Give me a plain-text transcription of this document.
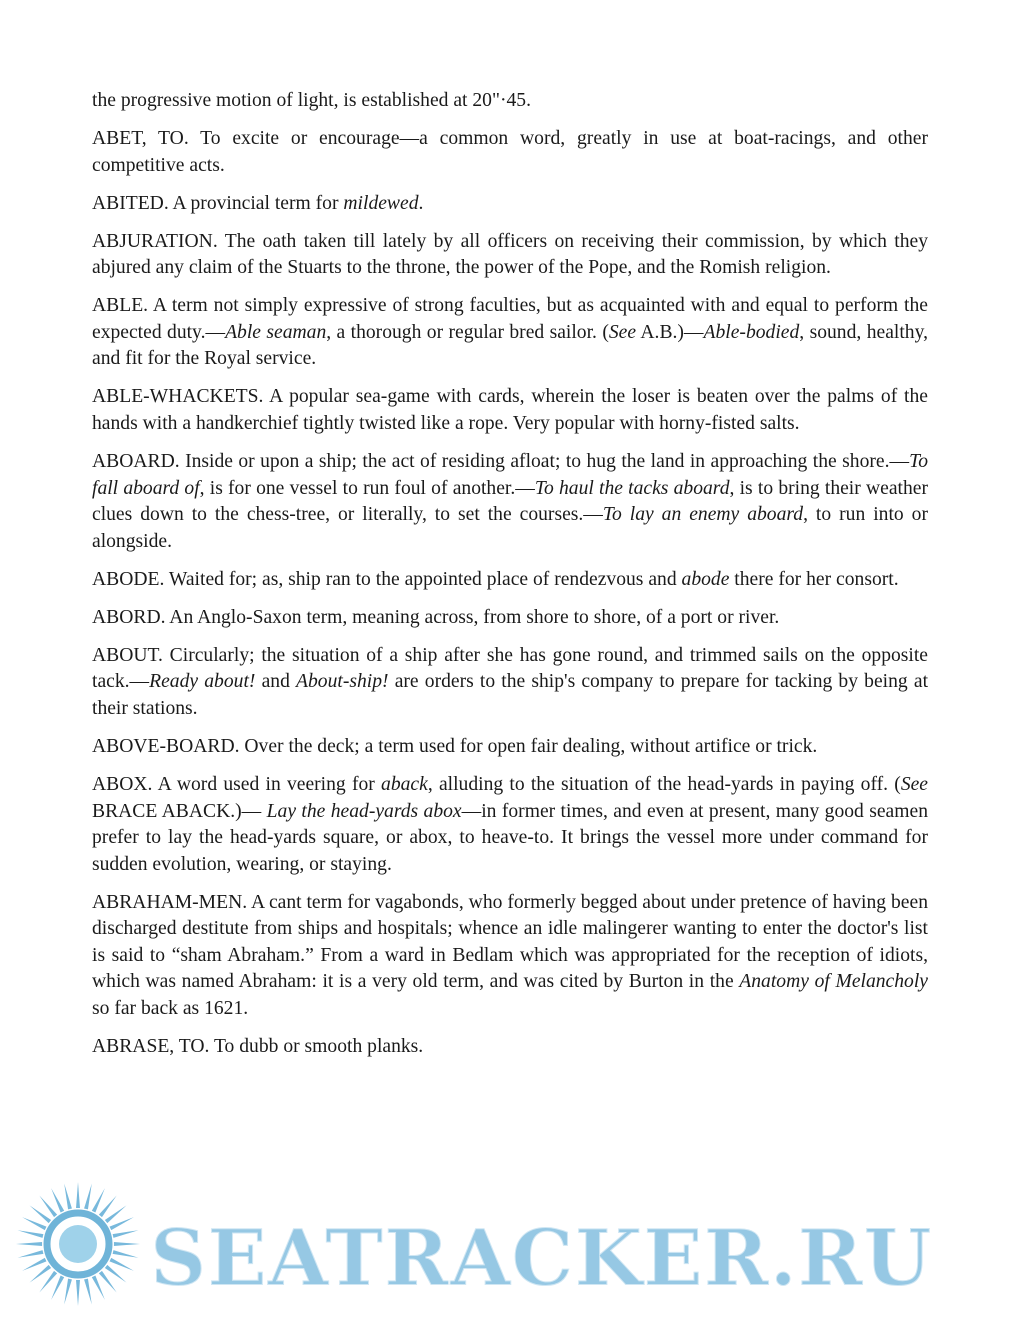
the progressive motion of light, is established at 20"·45.

ABET, TO. To excite or encourage—a common word, greatly in use at boat-racings, and other competitive acts.

ABITED. A provincial term for mildewed.

ABJURATION. The oath taken till lately by all officers on receiving their commission, by which they abjured any claim of the Stuarts to the throne, the power of the Pope, and the Romish religion.

ABLE. A term not simply expressive of strong faculties, but as acquainted with and equal to perform the expected duty.—Able seaman, a thorough or regular bred sailor. (See A.B.)—Able-bodied, sound, healthy, and fit for the Royal service.

ABLE-WHACKETS. A popular sea-game with cards, wherein the loser is beaten over the palms of the hands with a handkerchief tightly twisted like a rope. Very popular with horny-fisted salts.

ABOARD. Inside or upon a ship; the act of residing afloat; to hug the land in approaching the shore.—To fall aboard of, is for one vessel to run foul of another.—To haul the tacks aboard, is to bring their weather clues down to the chess-tree, or literally, to set the courses.—To lay an enemy aboard, to run into or alongside.

ABODE. Waited for; as, ship ran to the appointed place of rendezvous and abode there for her consort.

ABORD. An Anglo-Saxon term, meaning across, from shore to shore, of a port or river.

ABOUT. Circularly; the situation of a ship after she has gone round, and trimmed sails on the opposite tack.—Ready about! and About-ship! are orders to the ship's company to prepare for tacking by being at their stations.

ABOVE-BOARD. Over the deck; a term used for open fair dealing, without artifice or trick.

ABOX. A word used in veering for aback, alluding to the situation of the head-yards in paying off. (See BRACE ABACK.)— Lay the head-yards abox—in former times, and even at present, many good seamen prefer to lay the head-yards square, or abox, to heave-to. It brings the vessel more under command for sudden evolution, wearing, or staying.

ABRAHAM-MEN. A cant term for vagabonds, who formerly begged about under pretence of having been discharged destitute from ships and hospitals; whence an idle malingerer wanting to enter the doctor's list is said to “sham Abraham.” From a ward in Bedlam which was appropriated for the reception of idiots, which was named Abraham: it is a very old term, and was cited by Burton in the Anatomy of Melancholy so far back as 1621.

ABRASE, TO. To dubb or smooth planks.

SEATRACKER.RU
